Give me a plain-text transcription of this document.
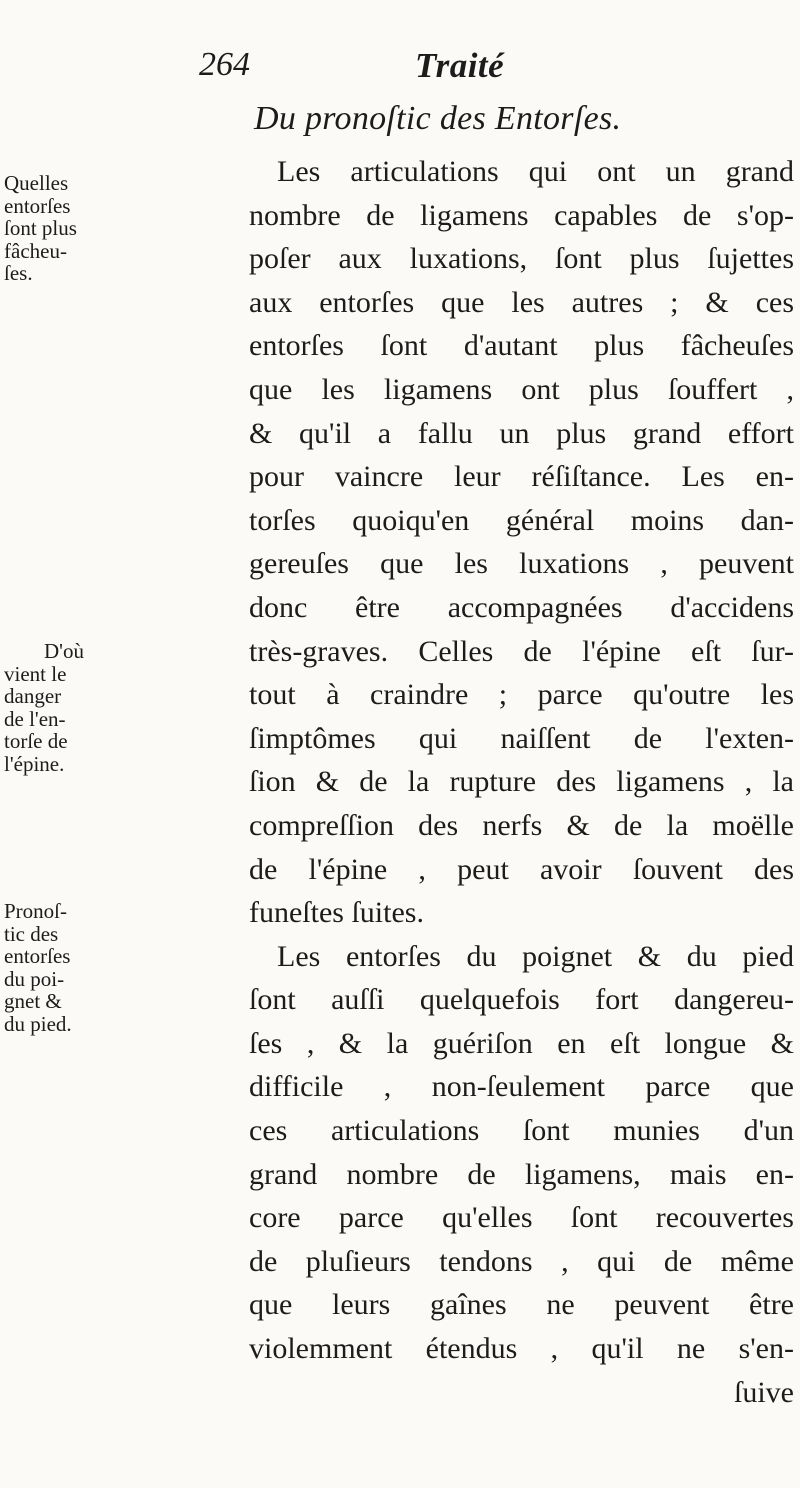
264	Traité
Du pronoſtic des Entorſes.
Quelles
entorſes
ſont plus
fâcheu-
ſes.
D'où
vient le
danger
de l'en-
torſe de
l'épine.
Pronoſ-
tic des
entorſes
du poi-
gnet &
du pied.
Les articulations qui ont un grand
nombre de ligamens capables de s'op-
poſer aux luxations, ſont plus ſujettes
aux entorſes que les autres ; & ces
entorſes ſont d'autant plus fâcheuſes
que les ligamens ont plus ſouffert ,
& qu'il a fallu un plus grand effort
pour vaincre leur réſiſtance. Les en-
torſes quoiqu'en général moins dan-
gereuſes que les luxations , peuvent
donc être accompagnées d'accidens
très-graves. Celles de l'épine eſt ſur-
tout à craindre ; parce qu'outre les
ſimptômes qui naiſſent de l'exten-
ſion & de la rupture des ligamens , la
compreſſion des nerfs & de la moëlle
de l'épine , peut avoir ſouvent des
funeſtes ſuites.
Les entorſes du poignet & du pied
ſont auſſi quelquefois fort dangereu-
ſes , & la guériſon en eſt longue &
difficile , non-ſeulement parce que
ces articulations ſont munies d'un
grand nombre de ligamens, mais en-
core parce qu'elles ſont recouvertes
de pluſieurs tendons , qui de même
que leurs gaînes ne peuvent être
violemment étendus , qu'il ne s'en-
ſuive
